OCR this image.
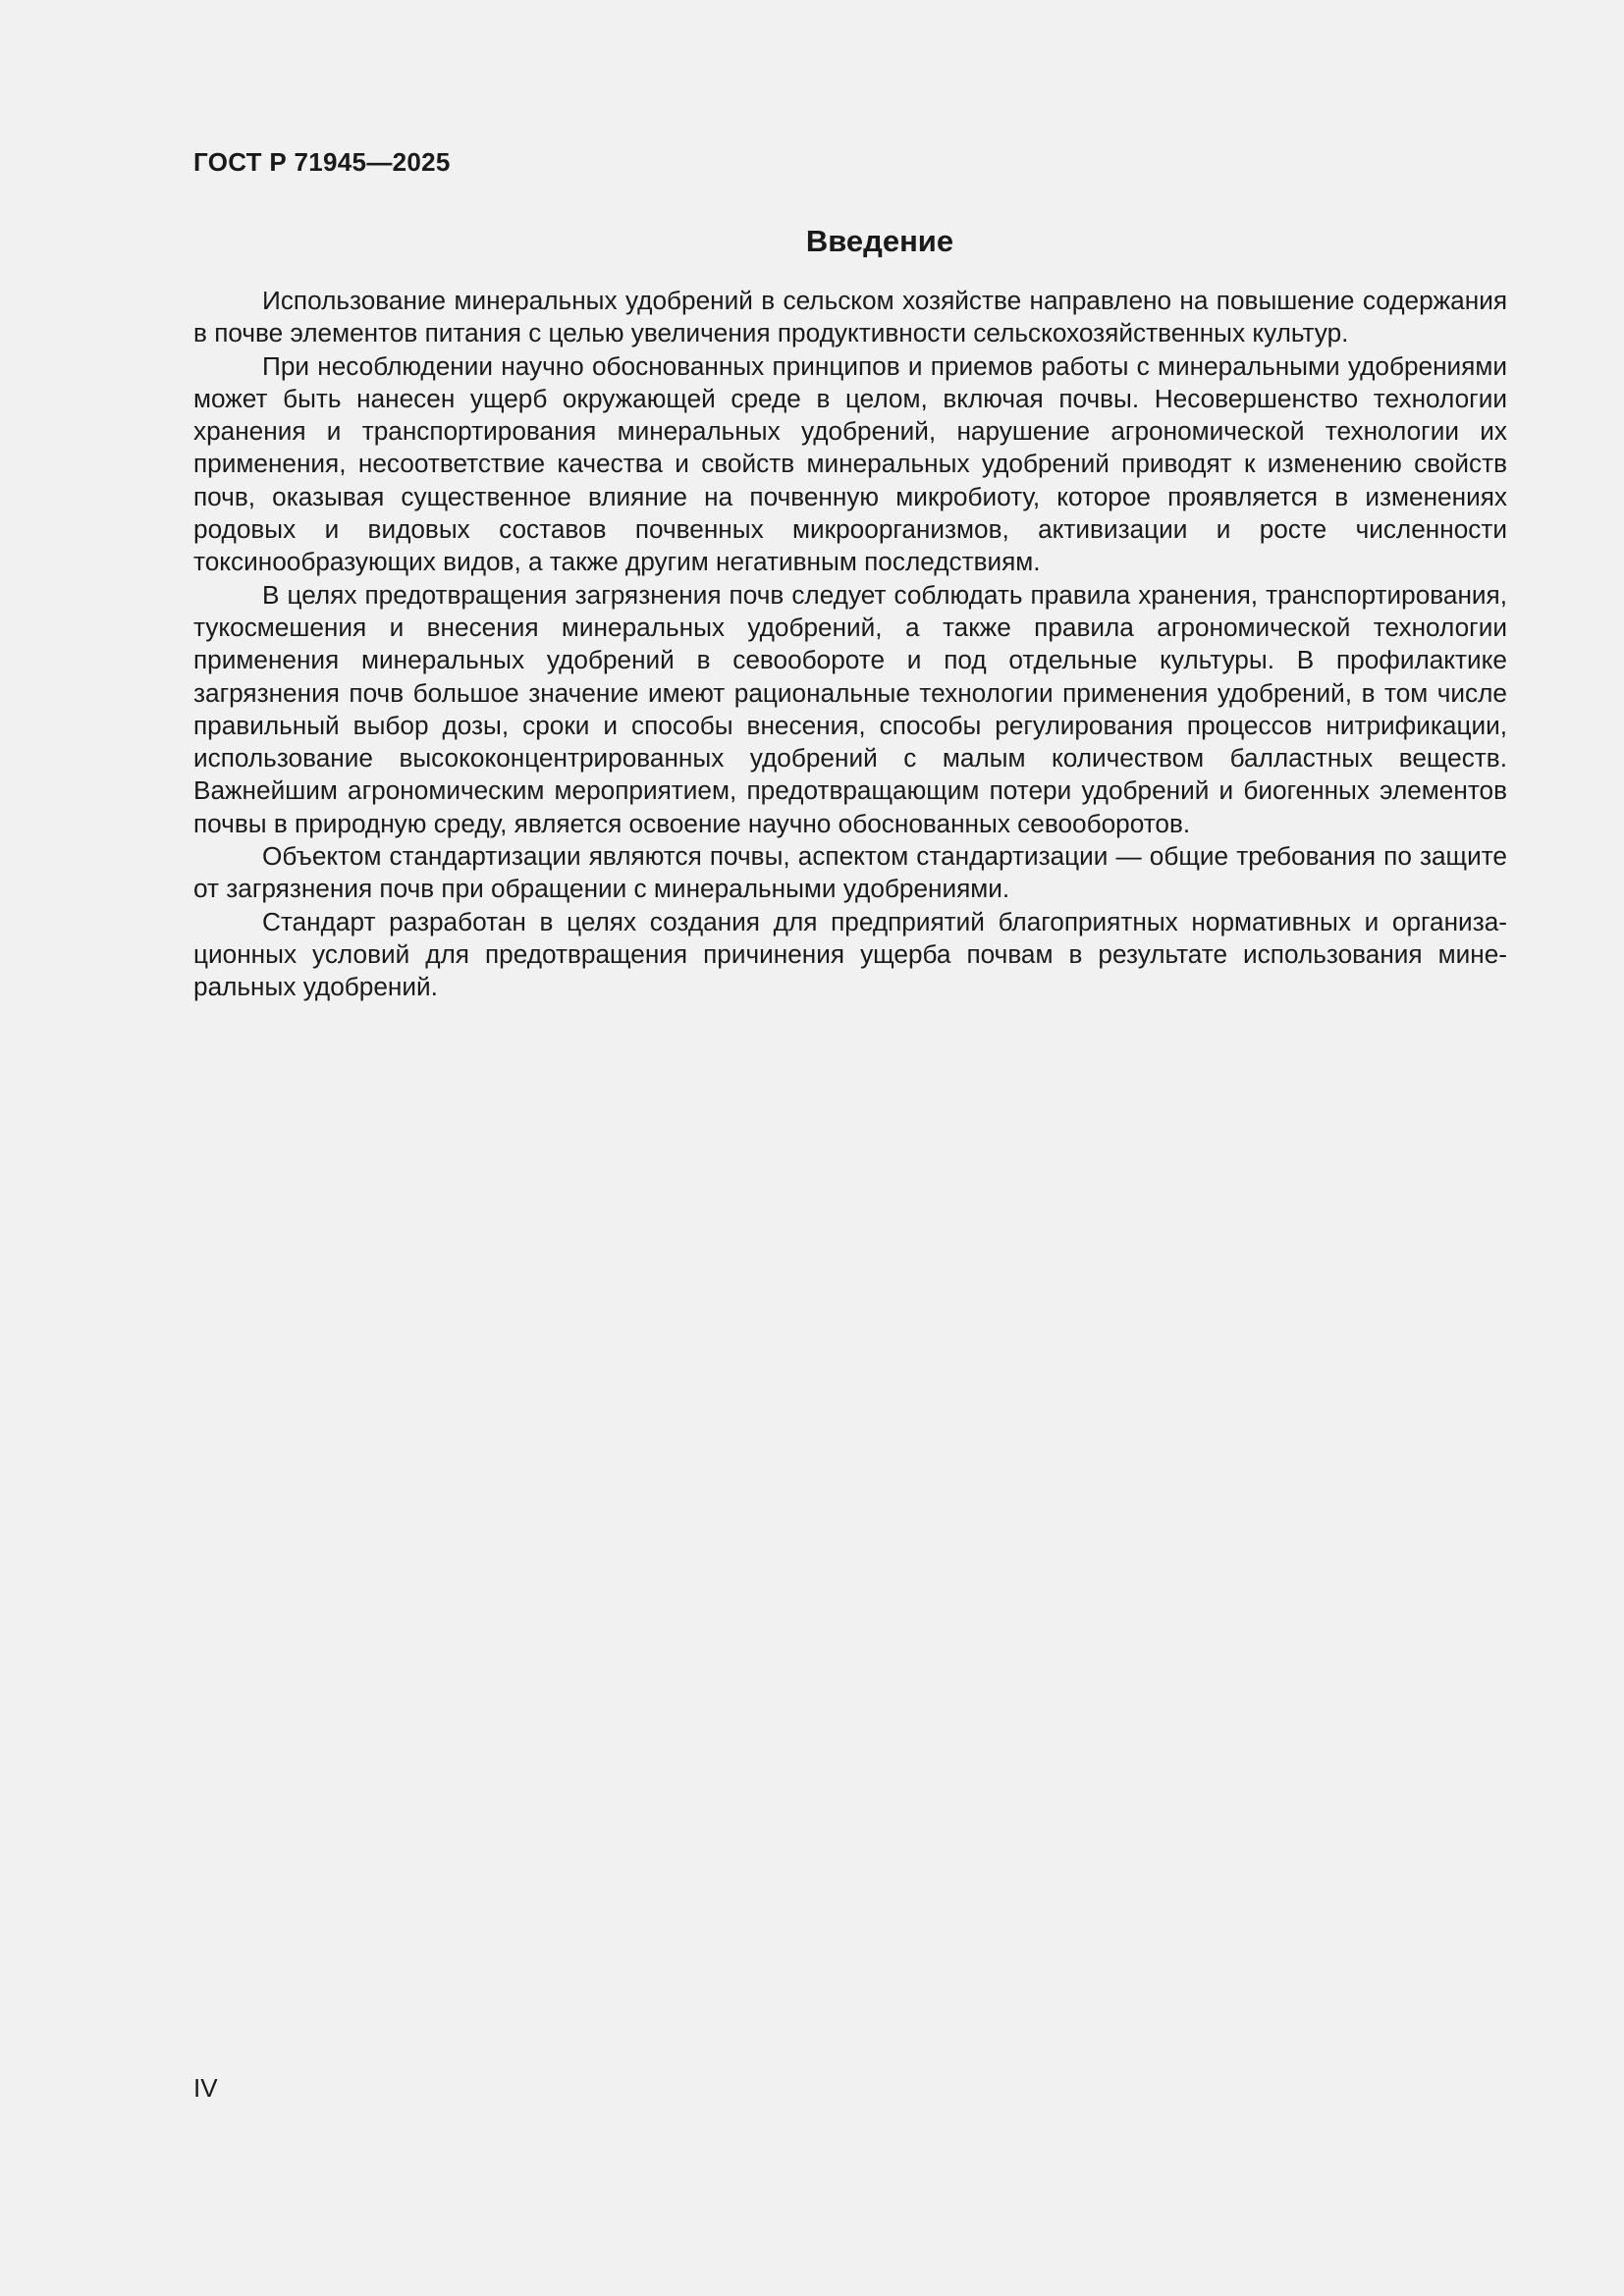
ГОСТ Р 71945—2025
Введение

Использование минеральных удобрений в сельском хозяйстве направлено на повышение содержания в почве элементов питания с целью увеличения продуктивности сельскохозяйственных культур.

При несоблюдении научно обоснованных принципов и приемов работы с минеральными удобрениями может быть нанесен ущерб окружающей среде в целом, включая почвы. Несовершенство технологии хранения и транспортирования минеральных удобрений, нарушение агрономической технологии их применения, несоответствие качества и свойств минеральных удобрений приводят к изменению свойств почв, оказывая существенное влияние на почвенную микробиоту, которое проявляется в изменениях родовых и видовых составов почвенных микроорганизмов, активизации и росте численности токсинообразующих видов, а также другим негативным последствиям.

В целях предотвращения загрязнения почв следует соблюдать правила хранения, транспортирования, тукосмешения и внесения минеральных удобрений, а также правила агрономической технологии применения минеральных удобрений в севообороте и под отдельные культуры. В профилактике загрязнения почв большое значение имеют рациональные технологии применения удобрений, в том числе правильный выбор дозы, сроки и способы внесения, способы регулирования процессов нитрификации, использование высококонцентрированных удобрений с малым количеством балластных веществ. Важнейшим агрономическим мероприятием, предотвращающим потери удобрений и биогенных элементов почвы в природную среду, является освоение научно обоснованных севооборотов.

Объектом стандартизации являются почвы, аспектом стандартизации — общие требования по защите от загрязнения почв при обращении с минеральными удобрениями.

Стандарт разработан в целях создания для предприятий благоприятных нормативных и организационных условий для предотвращения причинения ущерба почвам в результате использования минеральных удобрений.

IV
